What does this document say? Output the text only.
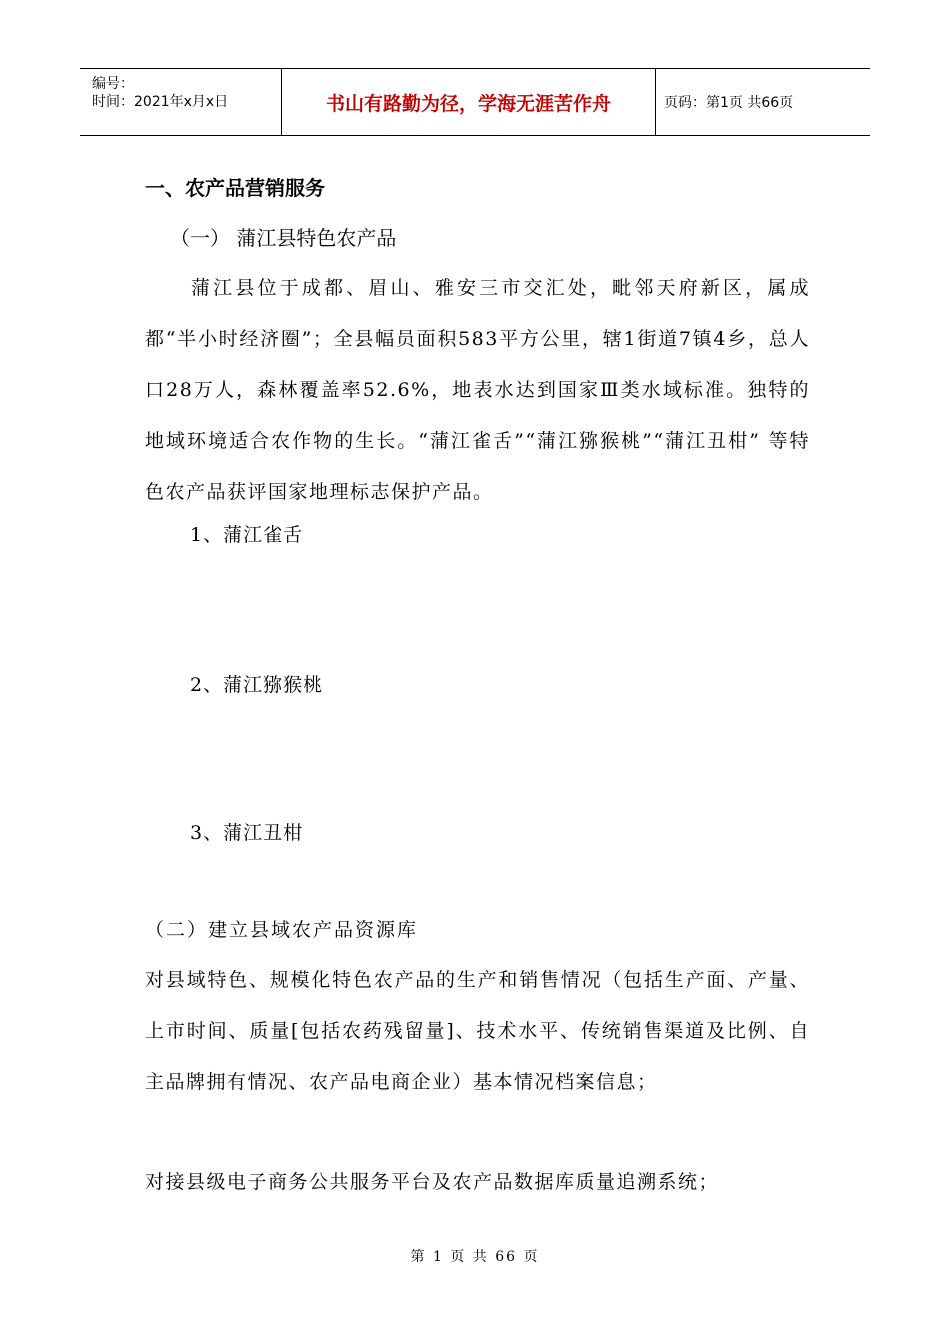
编号：
时间：2021年x月x日	书山有路勤为径，学海无涯苦作舟	页码：第1页 共66页
一、农产品营销服务
（一） 蒲江县特色农产品
蒲江县位于成都、眉山、雅安三市交汇处，毗邻天府新区，属成都“半小时经济圈”；全县幅员面积583平方公里，辖1街道7镇4乡，总人口28万人，森林覆盖率52.6%，地表水达到国家Ⅲ类水域标准。独特的地域环境适合农作物的生长。“蒲江雀舌”“蒲江猕猴桃”“蒲江丑柑” 等特色农产品获评国家地理标志保护产品。
1、蒲江雀舌
2、蒲江猕猴桃
3、蒲江丑柑
（二）建立县域农产品资源库
对县域特色、规模化特色农产品的生产和销售情况（包括生产面、产量、上市时间、质量[包括农药残留量]、技术水平、传统销售渠道及比例、自主品牌拥有情况、农产品电商企业）基本情况档案信息；
对接县级电子商务公共服务平台及农产品数据库质量追溯系统；
第 1 页 共 66 页
